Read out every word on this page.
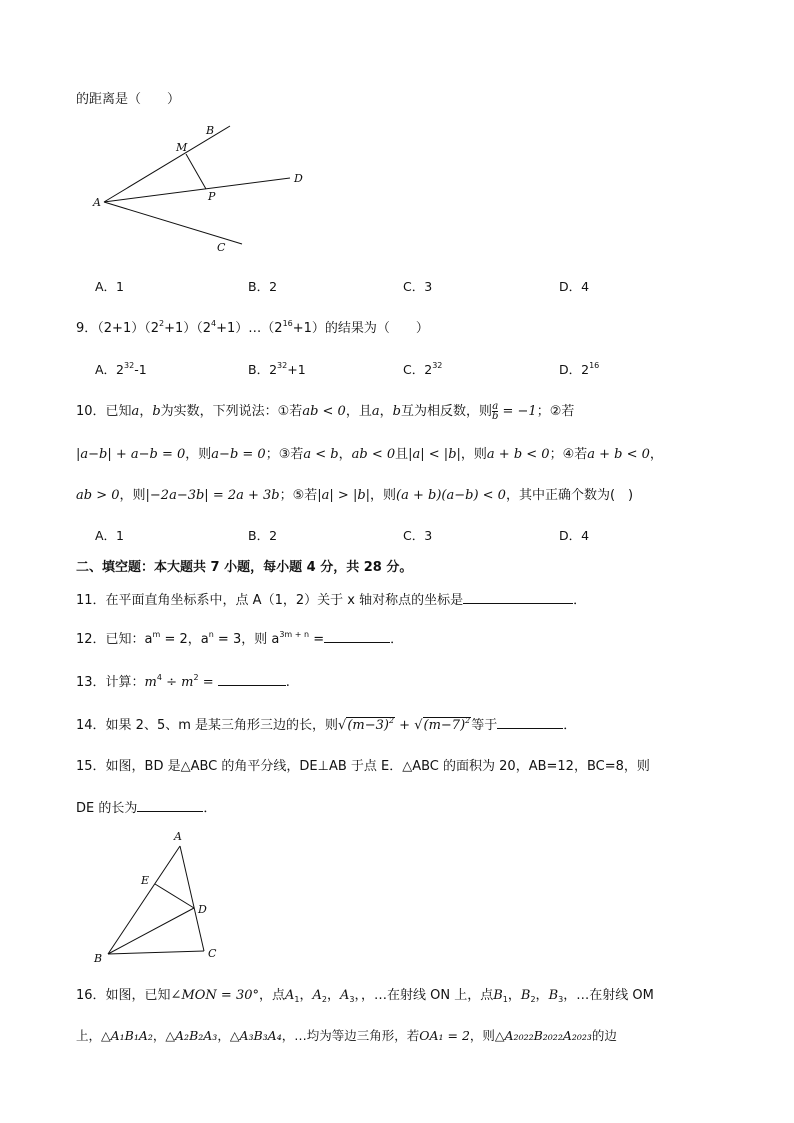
的距离是（　　）
A
B
M
D
P
C
A．1	B．2	C．3	D．4
9．$(2+1)(2^2+1)(2^4+1)\dots(2^{16}+1)$的结果为（　　）
A．$2^{32}-1$	B．$2^{32}+1$	C．$2^{32}$	D．$2^{16}$
10．已知a，b为实数，下列说法：①若ab < 0，且a，b互为相反数，则 $\frac{a}{b} = -1$；②若
|a−b| + a−b = 0，则a−b = 0；③若a < b，ab < 0且|a| < |b|，则a + b < 0；④若a + b < 0，
ab > 0，则|−2a−3b| = 2a + 3b；⑤若|a| > |b|，则(a + b)(a−b) < 0，其中正确个数为(　)
A．1	B．2	C．3	D．4
二、填空题：本大题共 7 小题，每小题 4 分，共 28 分。
11．在平面直角坐标系中，点 A（1，2）关于 x 轴对称点的坐标是	．
12．已知：$a^m = 2$，$a^n = 3$，则 $a^{3m + n}$ =	．
13．计算：$m^4 \div m^2$ =	.
14．如果 2、5、m 是某三角形三边的长，则$√(m-3)^2 + √(m-7)^2$等于	．
15．如图，BD 是△ABC 的角平分线，DE⊥AB 于点 E．△ABC 的面积为 20，AB=12，BC=8，则
DE 的长为	．
A
E
D
B	C
16．如图，已知∠MON = 30°，点$A_1$，$A_2$，$A_3$，，…在射线 ON 上，点$B_1$，$B_2$，$B_3$，…在射线 OM
上，△A₁B₁A₂，△A₂B₂A₃，△A₃B₃A₄，…均为等边三角形，若OA₁ = 2，则△A₂₀₂₂B₂₀₂₂A₂₀₂₃的边
